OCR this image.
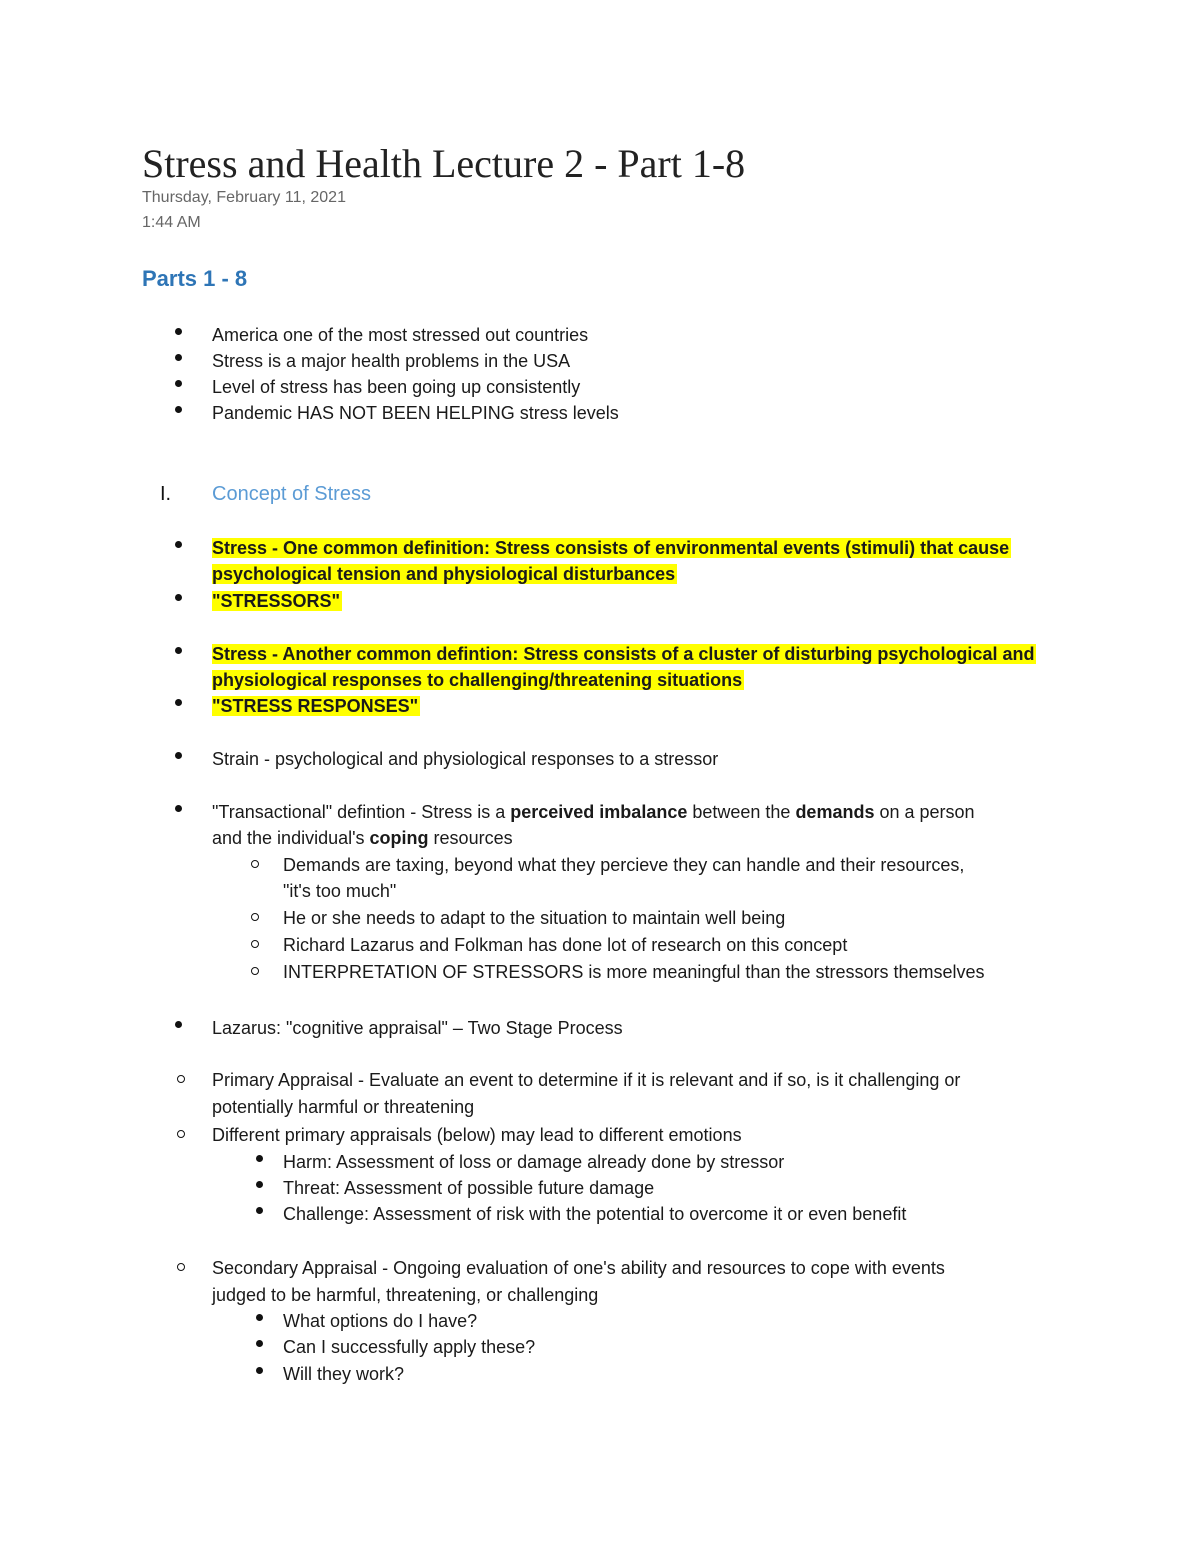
Stress and Health Lecture 2 - Part 1-8
Thursday, February 11, 2021
1:44 AM
Parts 1 - 8
America one of the most stressed out countries
Stress is a major health problems in the USA
Level of stress has been going up consistently
Pandemic HAS NOT BEEN HELPING stress levels
I. Concept of Stress
Stress - One common definition: Stress consists of environmental events (stimuli) that cause
psychological tension and physiological disturbances
"STRESSORS"
Stress - Another common defintion: Stress consists of a cluster of disturbing psychological and
physiological responses to challenging/threatening situations
"STRESS RESPONSES"
Strain - psychological and physiological responses to a stressor
"Transactional" defintion - Stress is a perceived imbalance between the demands on a person
and the individual's coping resources
Demands are taxing, beyond what they percieve they can handle and their resources,
"it's too much"
He or she needs to adapt to the situation to maintain well being
Richard Lazarus and Folkman has done lot of research on this concept
INTERPRETATION OF STRESSORS is more meaningful than the stressors themselves
Lazarus: "cognitive appraisal" – Two Stage Process
Primary Appraisal - Evaluate an event to determine if it is relevant and if so, is it challenging or
potentially harmful or threatening
Different primary appraisals (below) may lead to different emotions
Harm: Assessment of loss or damage already done by stressor
Threat: Assessment of possible future damage
Challenge: Assessment of risk with the potential to overcome it or even benefit
Secondary Appraisal - Ongoing evaluation of one's ability and resources to cope with events
judged to be harmful, threatening, or challenging
What options do I have?
Can I successfully apply these?
Will they work?
